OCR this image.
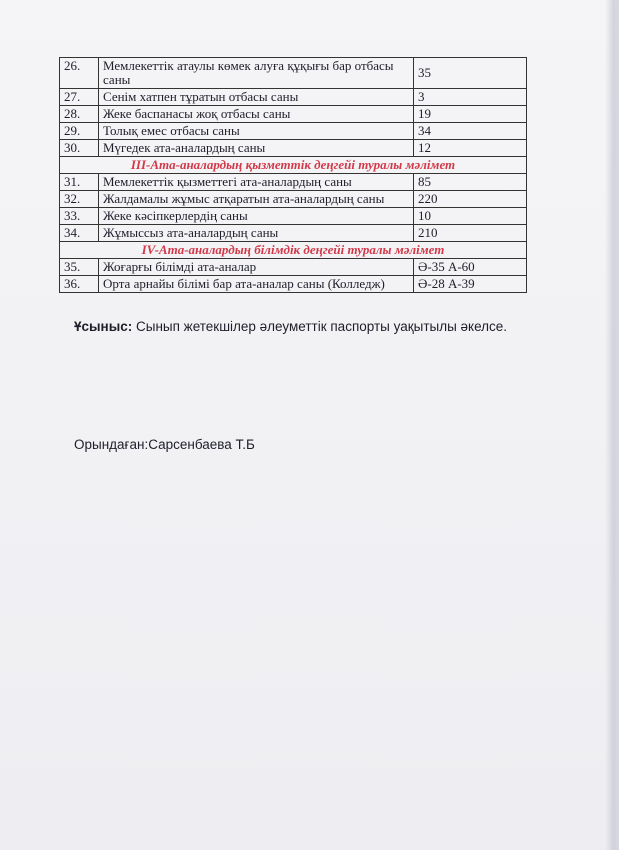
26.	Мемлекеттік атаулы көмек алуға құқығы бар отбасы саны	35
27.	Сенім хатпен тұратын отбасы саны	3
28.	Жеке баспанасы жоқ отбасы саны	19
29.	Толық емес отбасы саны	34
30.	Мүгедек ата-аналардың саны	12
III-Ата-аналардың қызметтік деңгейі туралы мәлімет		
31.	Мемлекеттік қызметтегі ата-аналардың саны	85
32.	Жалдамалы жұмыс атқаратын ата-аналардың саны	220
33.	Жеке кәсіпкерлердің саны	10
34.	Жұмыссыз ата-аналардың саны	210
IV-Ата-аналардың білімдік деңгейі туралы мәлімет		
35.	Жоғарғы білімді ата-аналар	Ә-35 А-60
36.	Орта арнайы білімі бар ата-аналар саны (Колледж)	Ә-28 А-39
Ұсыныс: Сынып жетекшілер әлеуметтік паспорты уақытылы әкелсе.
Орындаған:Сарсенбаева Т.Б
